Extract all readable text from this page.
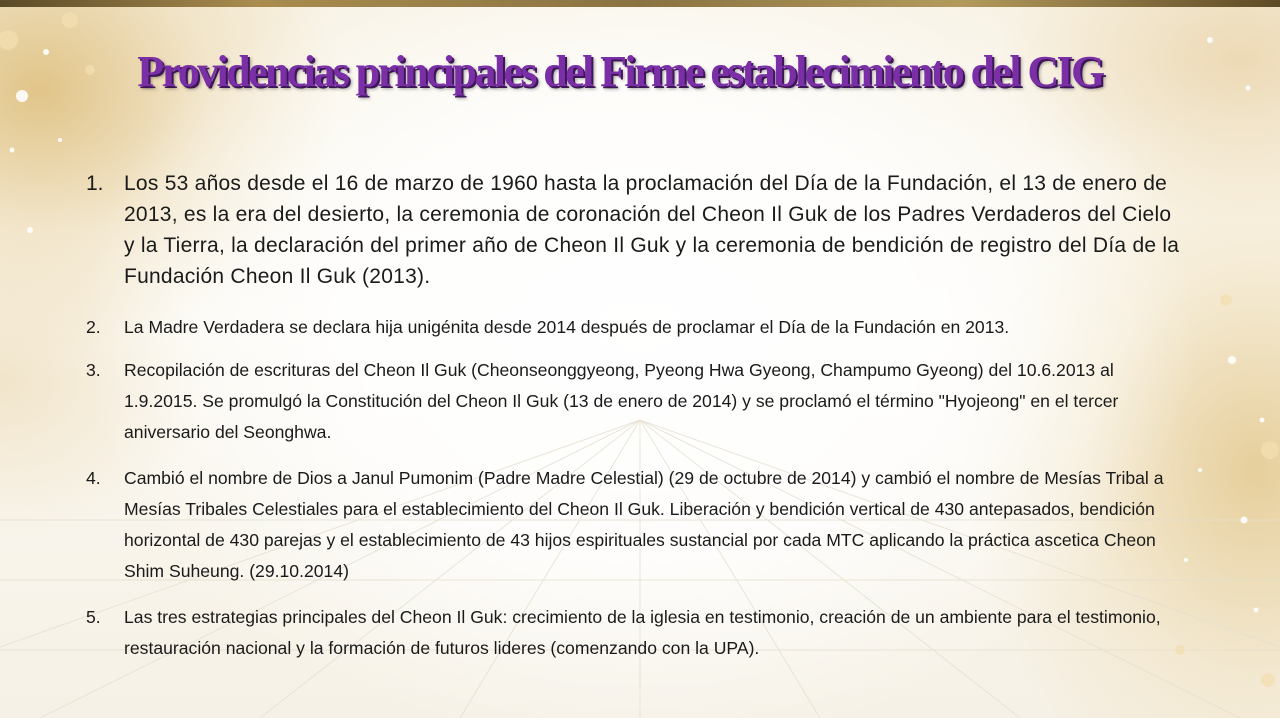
Providencias principales del Firme establecimiento del CIG
1. Los 53 años desde el 16 de marzo de 1960 hasta la proclamación del Día de la Fundación, el 13 de enero de 2013, es la era del desierto, la ceremonia de coronación del Cheon Il Guk de los Padres Verdaderos del Cielo y la Tierra, la declaración del primer año de Cheon Il Guk y la ceremonia de bendición de registro del Día de la Fundación Cheon Il Guk (2013).
2. La Madre Verdadera se declara hija unigénita desde 2014 después de proclamar el Día de la Fundación en 2013.
3. Recopilación de escrituras del Cheon Il Guk (Cheonseonggyeong, Pyeong Hwa Gyeong, Champumo Gyeong) del 10.6.2013 al 1.9.2015. Se promulgó la Constitución del Cheon Il Guk (13 de enero de 2014) y se proclamó el término "Hyojeong" en el tercer aniversario del Seonghwa.
4. Cambió el nombre de Dios a Janul Pumonim (Padre Madre Celestial) (29 de octubre de 2014) y cambió el nombre de Mesías Tribal a Mesías Tribales Celestiales para el establecimiento del Cheon Il Guk. Liberación y bendición vertical de 430 antepasados, bendición horizontal de 430 parejas y el establecimiento de 43 hijos espirituales sustancial por cada MTC aplicando la práctica ascetica Cheon Shim Suheung. (29.10.2014)
5. Las tres estrategias principales del Cheon Il Guk: crecimiento de la iglesia en testimonio, creación de un ambiente para el testimonio, restauración nacional y la formación de futuros lideres (comenzando con la UPA).
